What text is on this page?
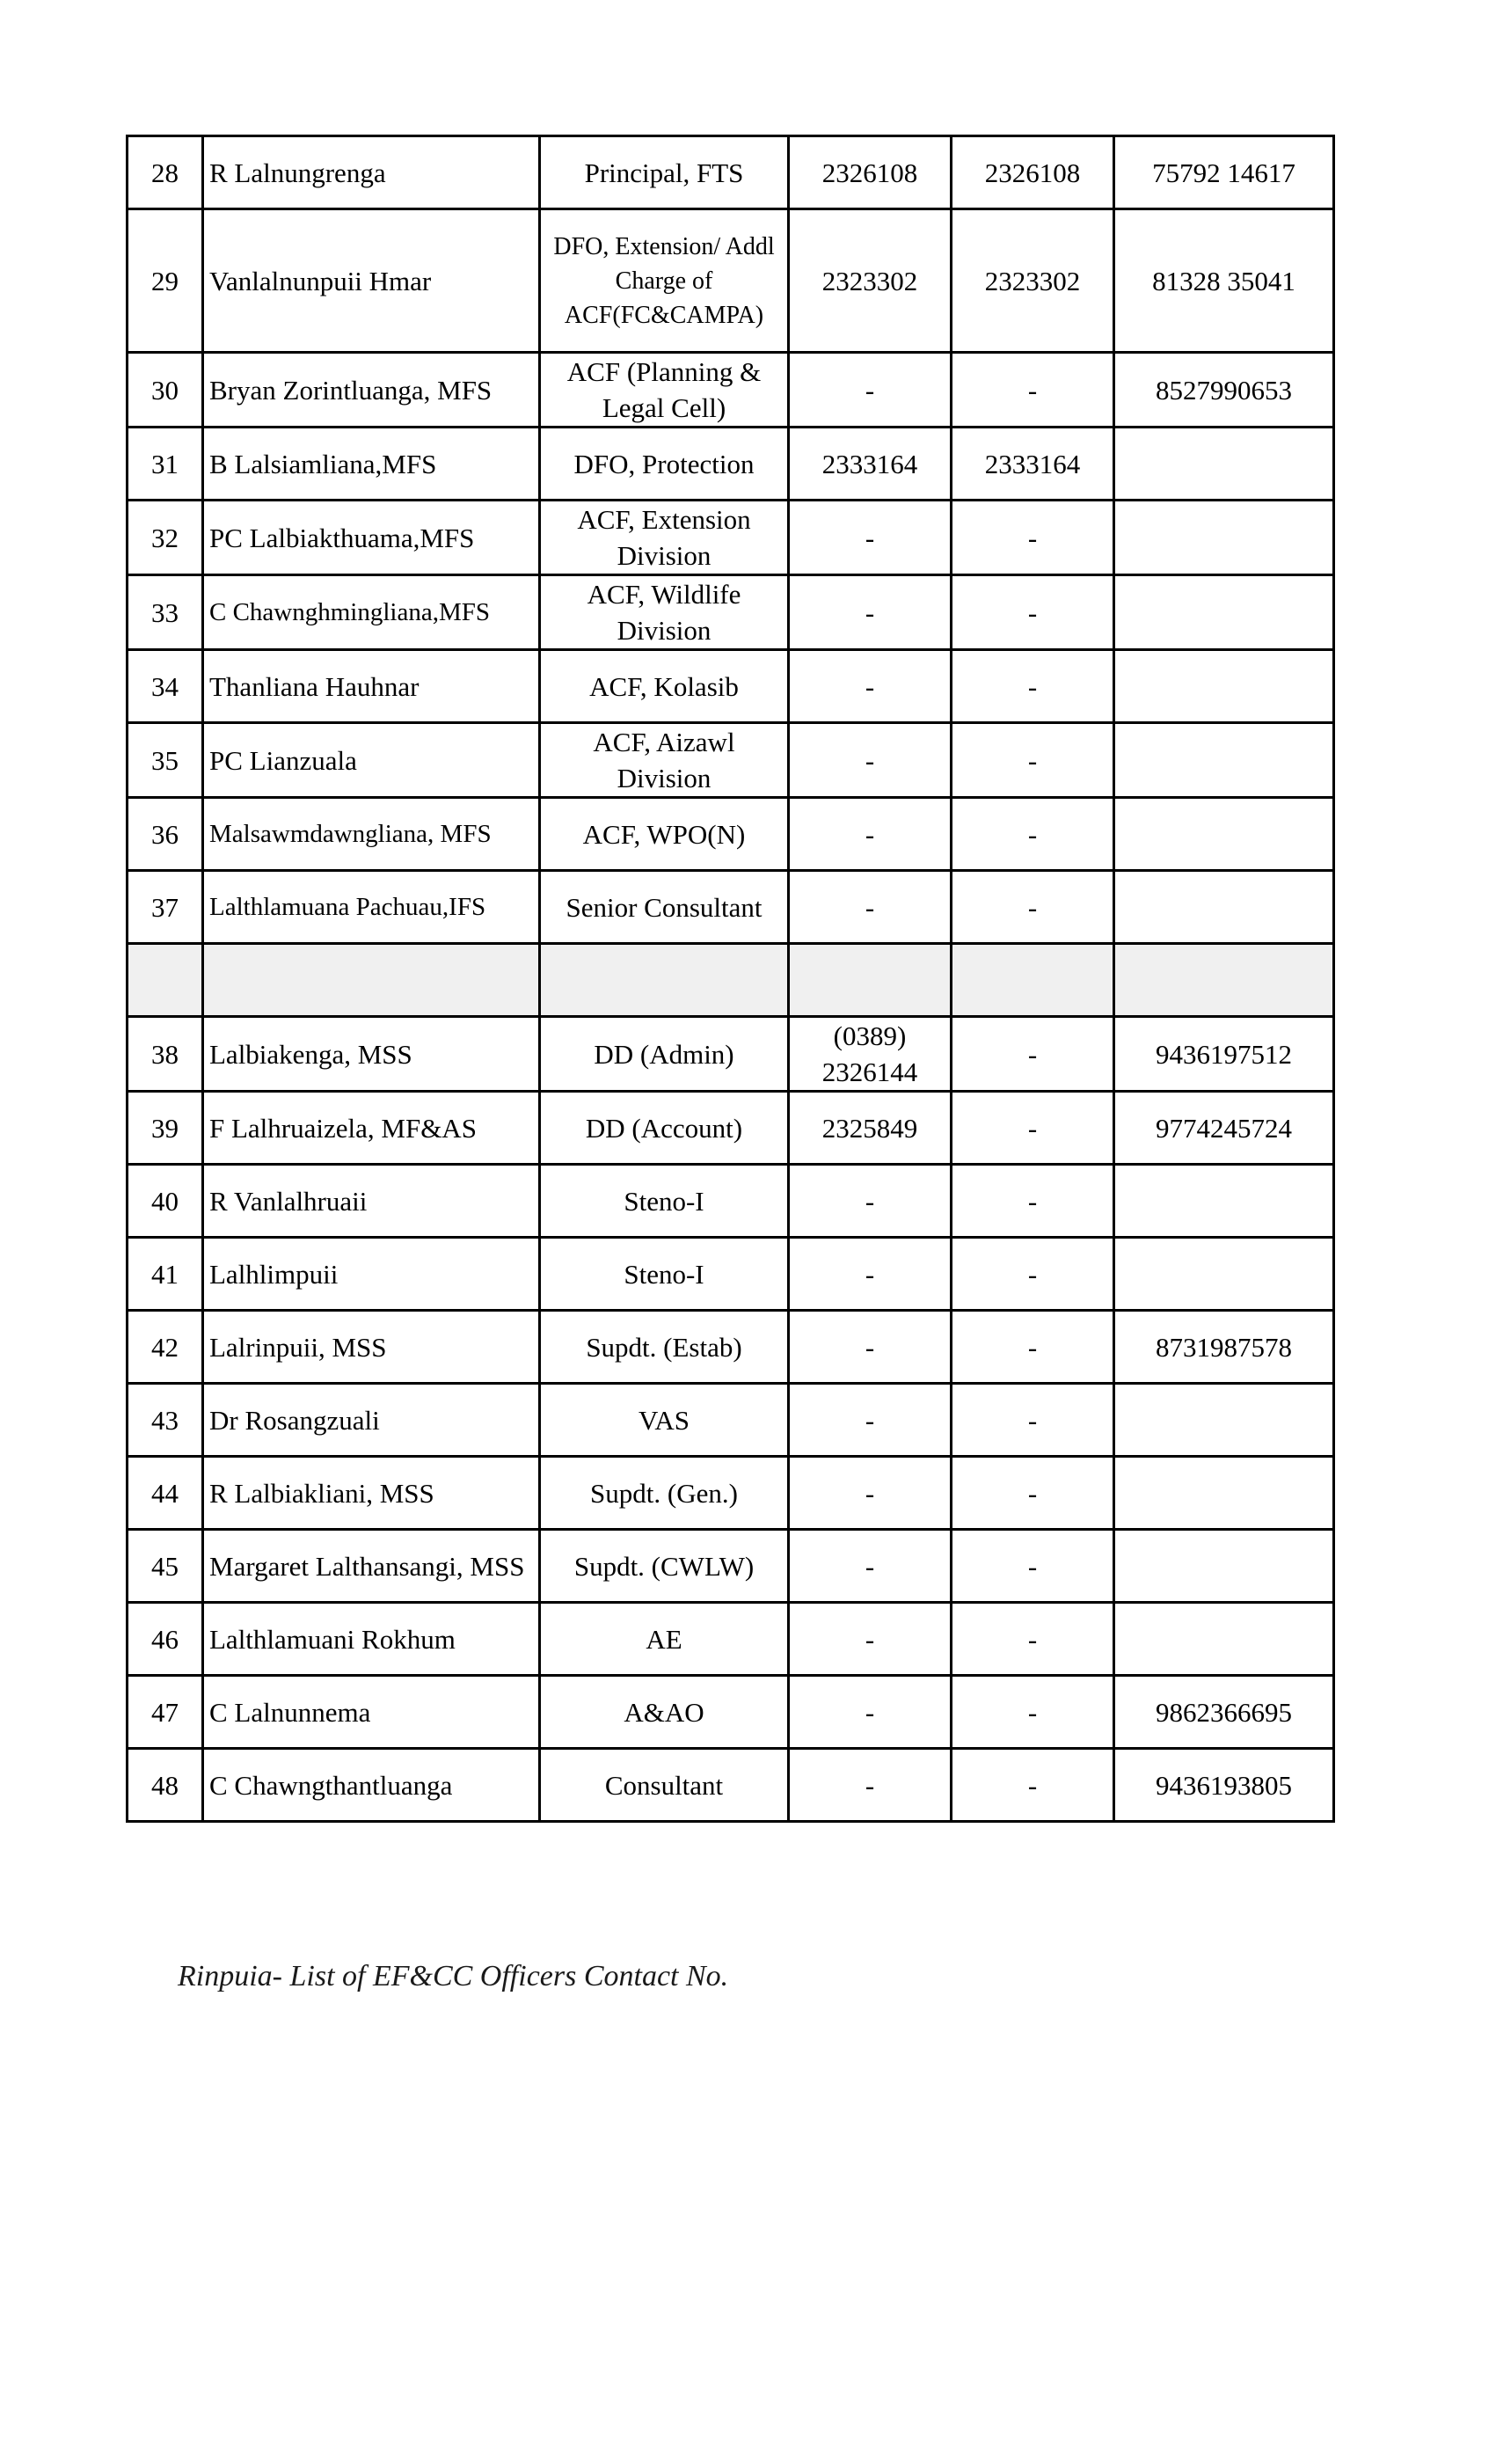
28	R Lalnungrenga	Principal, FTS	2326108	2326108	75792 14617
29	Vanlalnunpuii Hmar	DFO, Extension/ Addl Charge of ACF(FC&CAMPA)	2323302	2323302	81328 35041
30	Bryan Zorintluanga, MFS	ACF (Planning & Legal Cell)	-	-	8527990653
31	B Lalsiamliana,MFS	DFO, Protection	2333164	2333164	
32	PC Lalbiakthuama,MFS	ACF, Extension Division	-	-	
33	C Chawnghmingliana,MFS	ACF, Wildlife Division	-	-	
34	Thanliana Hauhnar	ACF, Kolasib	-	-	
35	PC Lianzuala	ACF, Aizawl Division	-	-	
36	Malsawmdawngliana, MFS	ACF, WPO(N)	-	-	
37	Lalthlamuana Pachuau,IFS	Senior Consultant	-	-	

38	Lalbiakenga, MSS	DD (Admin)	(0389) 2326144	-	9436197512
39	F Lalhruaizela, MF&AS	DD (Account)	2325849	-	9774245724
40	R Vanlalhruaii	Steno-I	-	-	
41	Lalhlimpuii	Steno-I	-	-	
42	Lalrinpuii, MSS	Supdt. (Estab)	-	-	8731987578
43	Dr Rosangzuali	VAS	-	-	
44	R Lalbiakliani, MSS	Supdt. (Gen.)	-	-	
45	Margaret Lalthansangi, MSS	Supdt. (CWLW)	-	-	
46	Lalthlamuani Rokhum	AE	-	-	
47	C Lalnunnema	A&AO	-	-	9862366695
48	C Chawngthantluanga	Consultant	-	-	9436193805
Rinpuia- List of EF&CC Officers Contact No.
